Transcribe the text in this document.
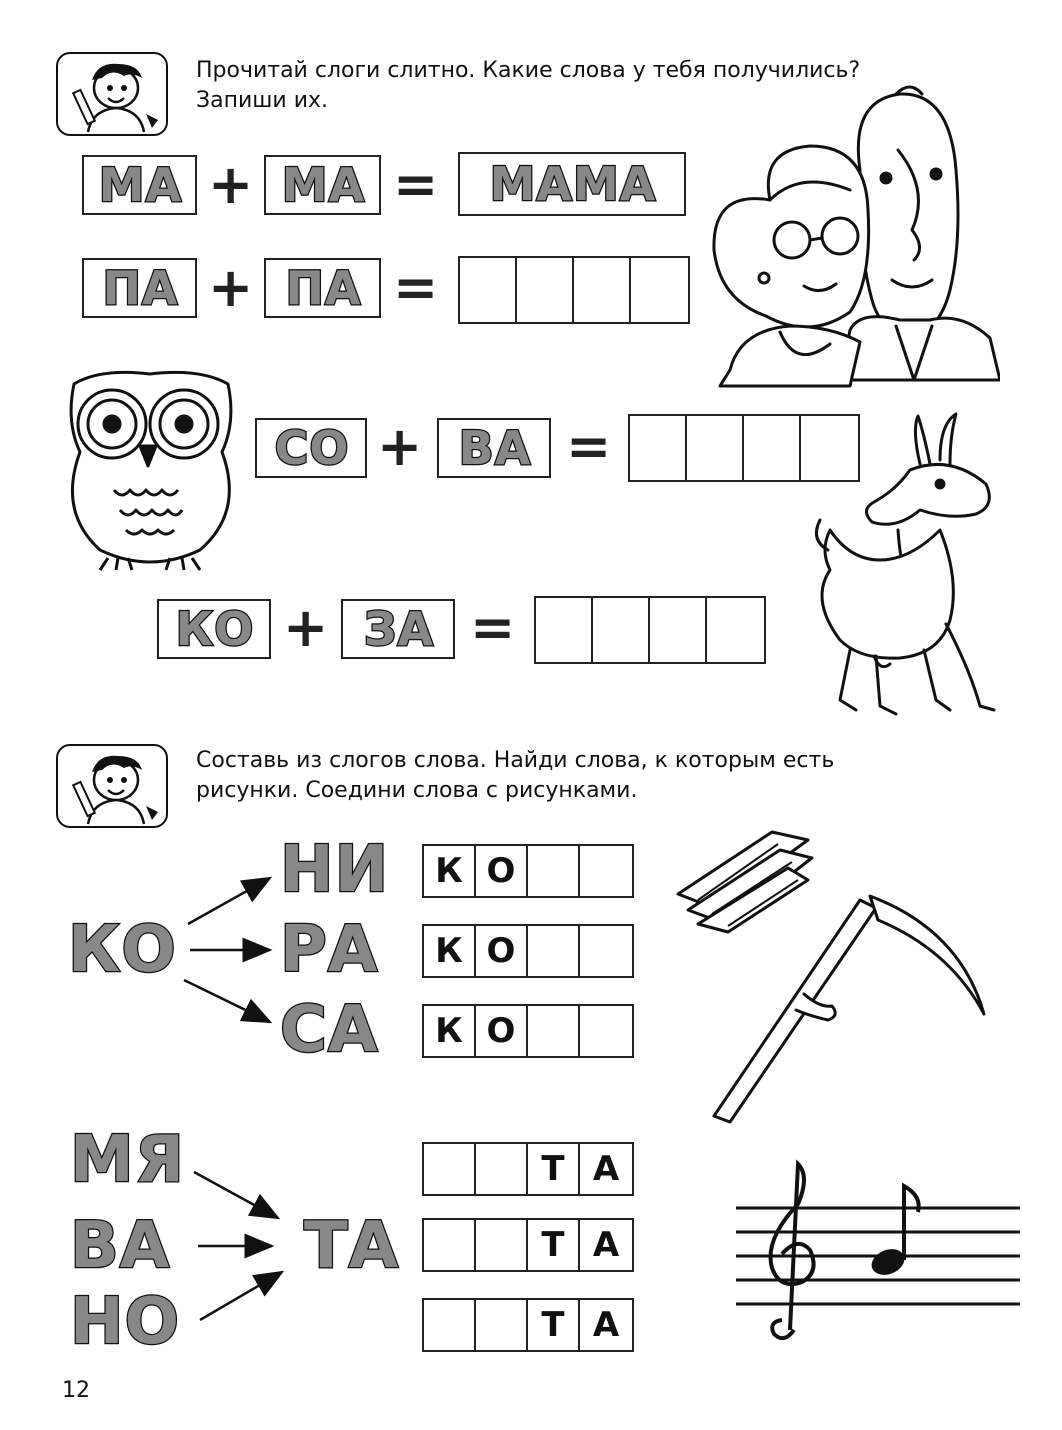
Прочитай слоги слитно. Какие слова у тебя получились?
Запиши их.
МА + МА = МАМА
ПА + ПА =
СО + ВА =
КО + ЗА =
Составь из слогов слова. Найди слова, к которым есть
рисунки. Соедини слова с рисунками.
КО
НИ
РА
СА
К О
К О
К О
МЯ
ВА
НО
ТА
Т А
Т А
Т А
12
